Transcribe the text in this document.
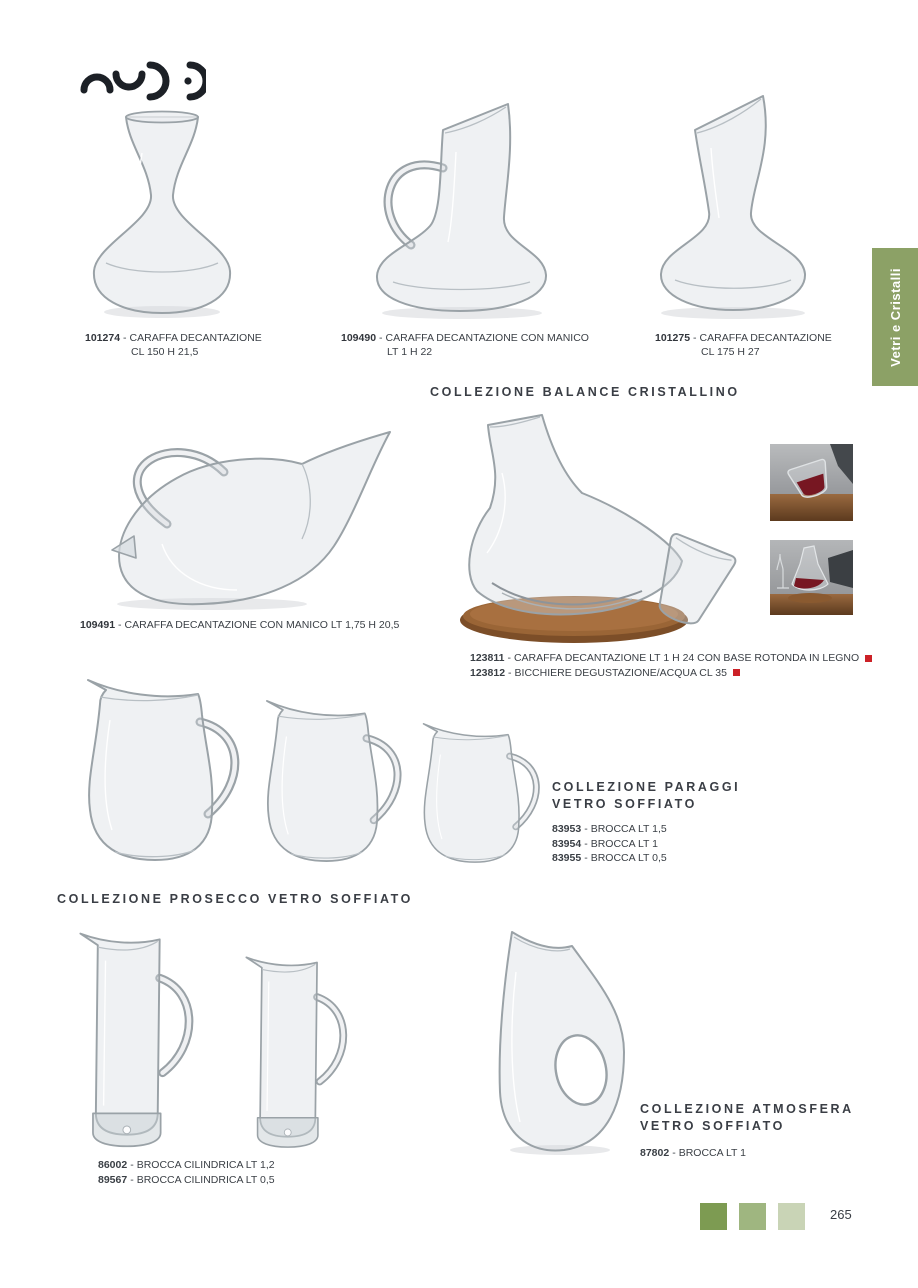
101274 - CARAFFA DECANTAZIONE
CL 150 H 21,5
109490 - CARAFFA DECANTAZIONE CON MANICO
LT 1 H 22
101275 - CARAFFA DECANTAZIONE
CL 175 H 27	Vetri e Cristalli
COLLEZIONE BALANCE CRISTALLINO
109491 - CARAFFA DECANTAZIONE CON MANICO LT 1,75 H 20,5
123811 - CARAFFA DECANTAZIONE LT 1 H 24 CON BASE ROTONDA IN LEGNO
123812 - BICCHIERE DEGUSTAZIONE/ACQUA CL 35
COLLEZIONE PARAGGI
VETRO SOFFIATO
83953 - BROCCA LT 1,5
83954 - BROCCA LT 1
83955 - BROCCA LT 0,5
COLLEZIONE PROSECCO VETRO SOFFIATO
86002 - BROCCA CILINDRICA LT 1,2
89567 - BROCCA CILINDRICA LT 0,5
COLLEZIONE ATMOSFERA
VETRO SOFFIATO
87802 - BROCCA LT 1
265
